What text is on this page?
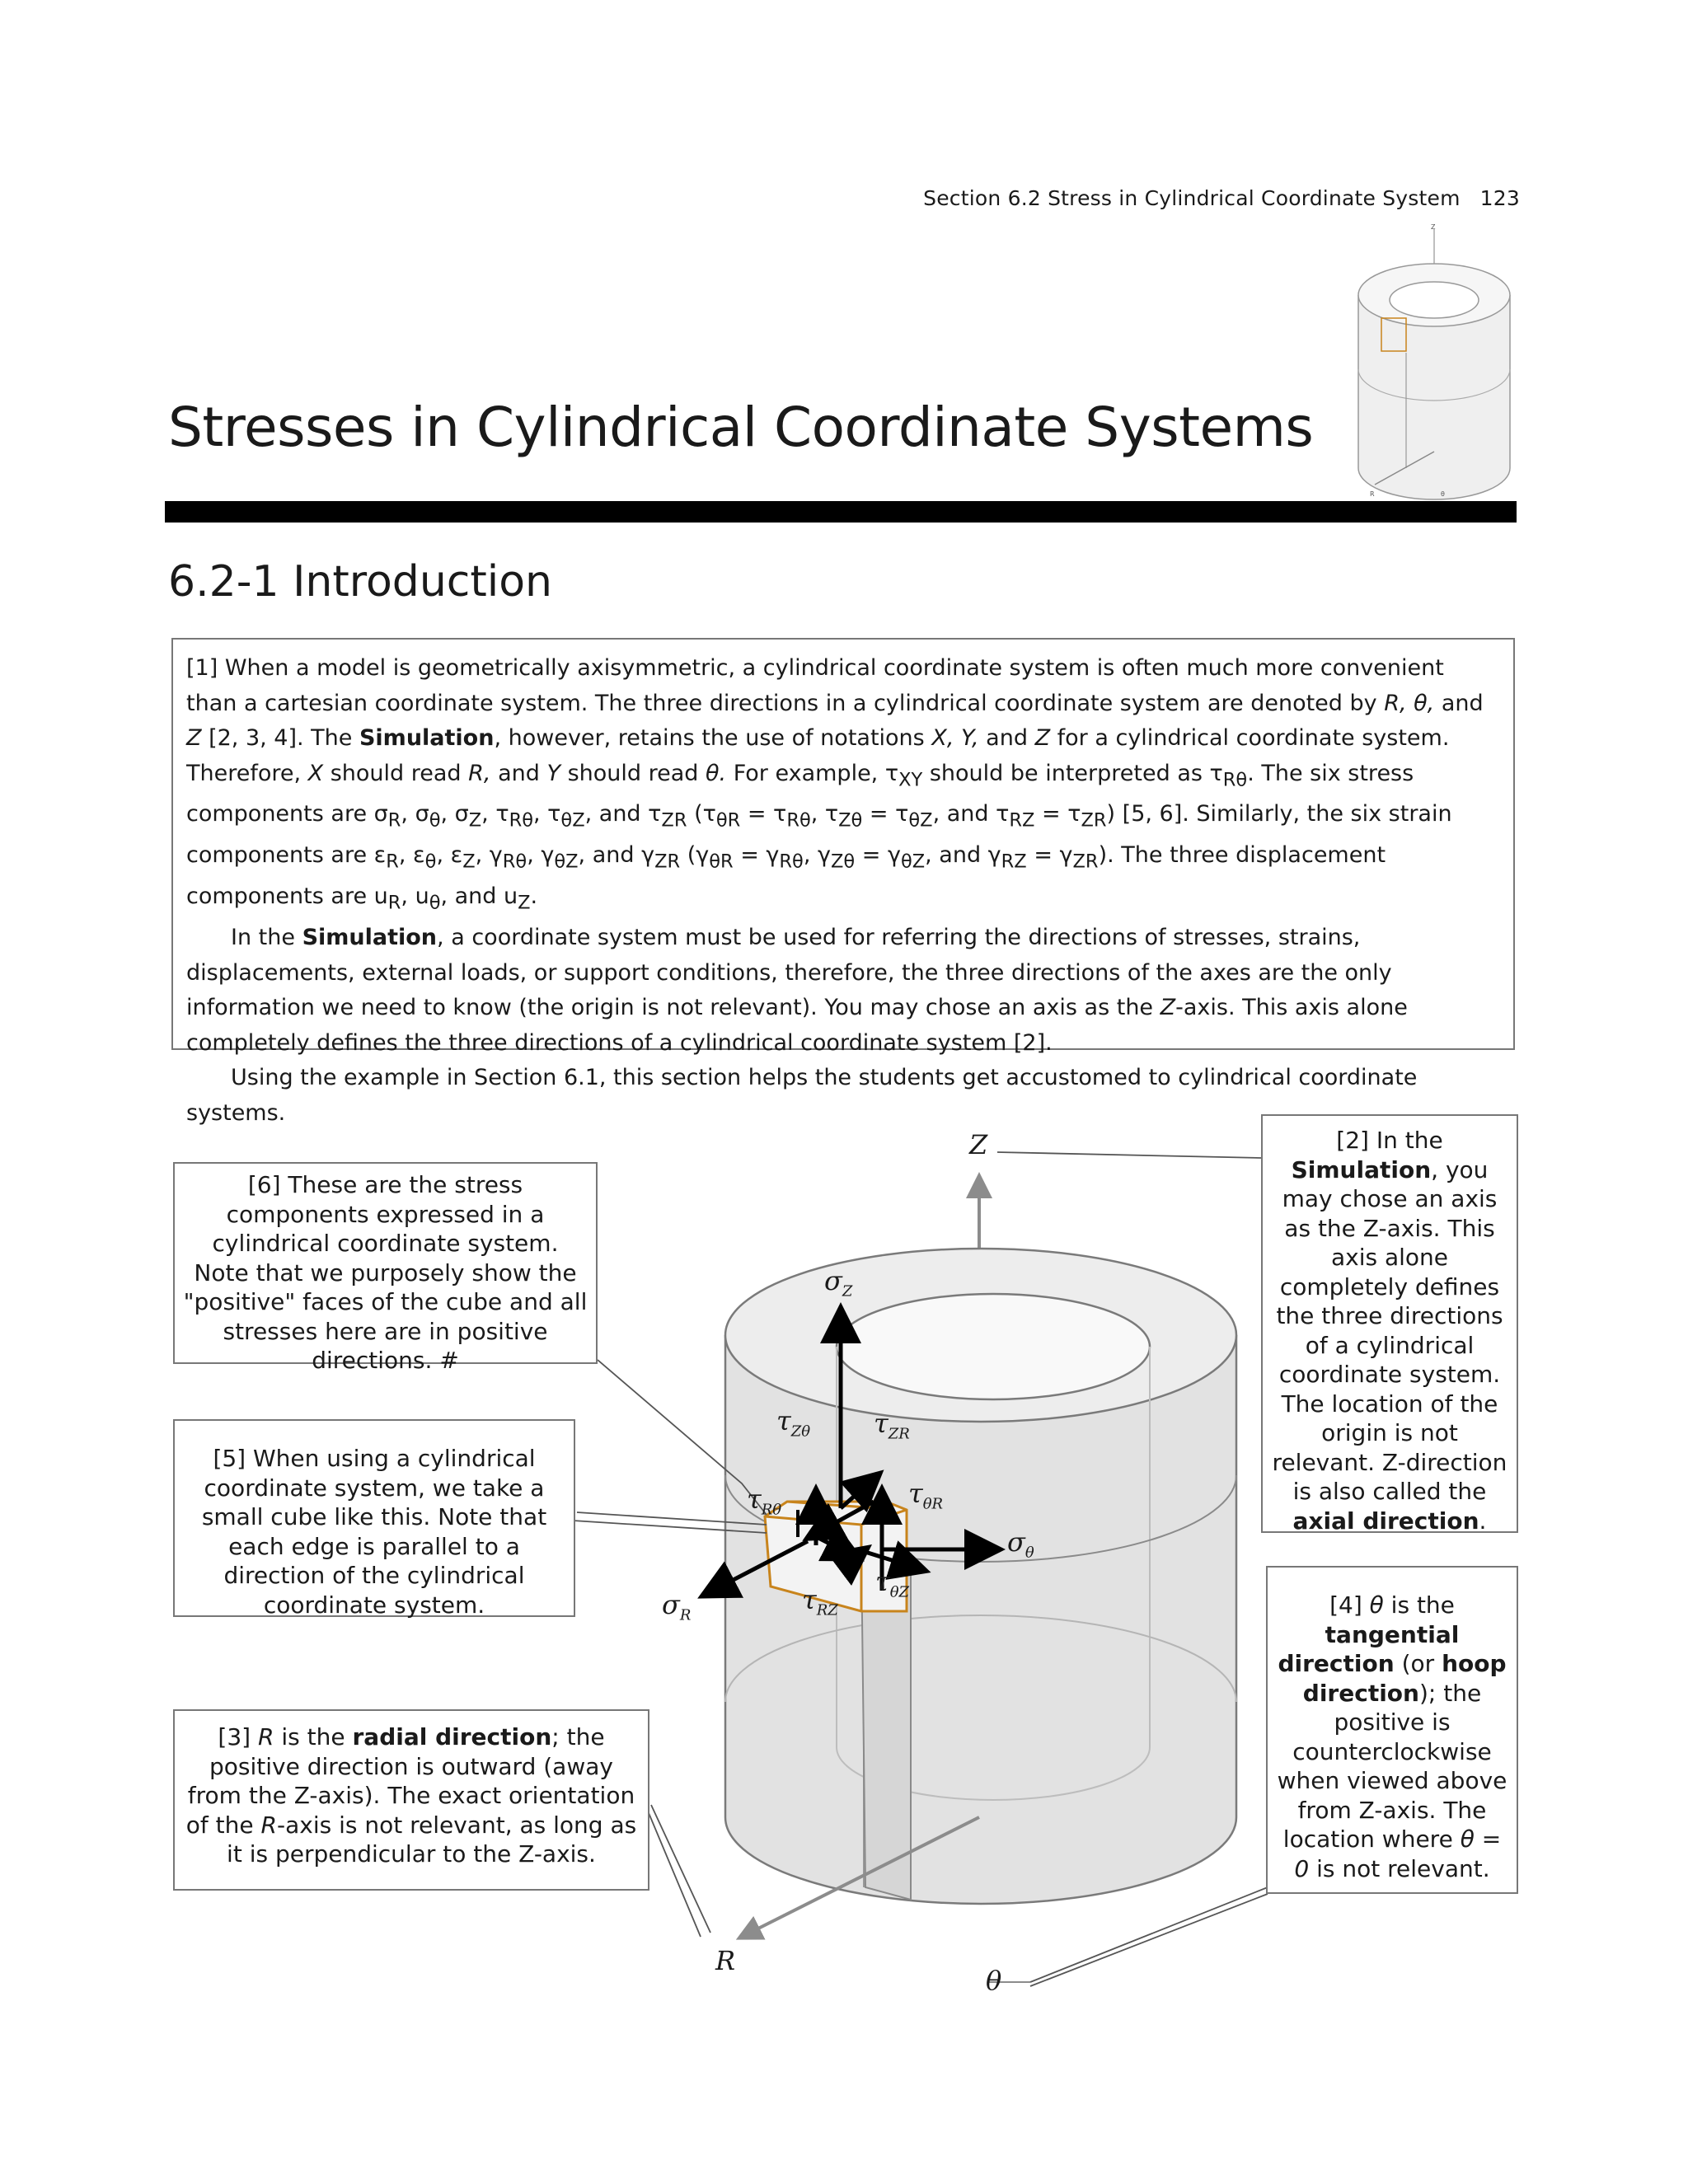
Section 6.2 Stress in Cylindrical Coordinate System 123
Z
R	θ
Stresses in Cylindrical Coordinate Systems
6.2-1 Introduction

[1] When a model is geometrically axisymmetric, a cylindrical coordinate system is often much more convenient than a cartesian coordinate system. The three directions in a cylindrical coordinate system are denoted by R, θ, and Z [2, 3, 4]. The Simulation, however, retains the use of notations X, Y, and Z for a cylindrical coordinate system. Therefore, X should read R, and Y should read θ. For example, $\tau_{XY}$ should be interpreted as $\tau_{R\theta}$. The six stress components are $\sigma_R$, $\sigma_\theta$, $\sigma_Z$, $\tau_{R\theta}$, $\tau_{\theta Z}$, and $\tau_{ZR}$ ($\tau_{\theta R} = \tau_{R\theta}$, $\tau_{Z\theta} = \tau_{\theta Z}$, and $\tau_{RZ} = \tau_{ZR}$) [5, 6]. Similarly, the six strain components are $\varepsilon_R$, $\varepsilon_\theta$, $\varepsilon_Z$, $\gamma_{R\theta}$, $\gamma_{\theta Z}$, and $\gamma_{ZR}$ ($\gamma_{\theta R} = \gamma_{R\theta}$, $\gamma_{Z\theta} = \gamma_{\theta Z}$, and $\gamma_{RZ} = \gamma_{ZR}$). The three displacement components are $u_R$, $u_\theta$, and $u_Z$.

In the Simulation, a coordinate system must be used for referring the directions of stresses, strains, displacements, external loads, or support conditions, therefore, the three directions of the axes are the only information we need to know (the origin is not relevant). You may chose an axis as the Z-axis. This axis alone completely defines the three directions of a cylindrical coordinate system [2].

Using the example in Section 6.1, this section helps the students get accustomed to cylindrical coordinate systems.

Z
R
θ
$\sigma_Z$
$\sigma_\theta$
$\sigma_R$
$\tau_{Z\theta}$ $\tau_{ZR}$
$\tau_{R\theta}$
$\tau_{\theta R}$
$\tau_{RZ}$
$\tau_{\theta Z}$
[6] These are the stress components expressed in a cylindrical coordinate system. Note that we purposely show the "positive" faces of the cube and all stresses here are in positive directions. #
[5] When using a cylindrical coordinate system, we take a small cube like this. Note that each edge is parallel to a direction of the cylindrical coordinate system.
[3] R is the radial direction; the positive direction is outward (away from the Z-axis). The exact orientation of the R-axis is not relevant, as long as it is perpendicular to the Z-axis.
[2] In the Simulation, you may chose an axis as the Z-axis. This axis alone completely defines the three directions of a cylindrical coordinate system. The location of the origin is not relevant. Z-direction is also called the axial direction.
[4] θ is the tangential direction (or hoop direction); the positive is counterclockwise when viewed above from Z-axis. The location where θ = 0 is not relevant.
